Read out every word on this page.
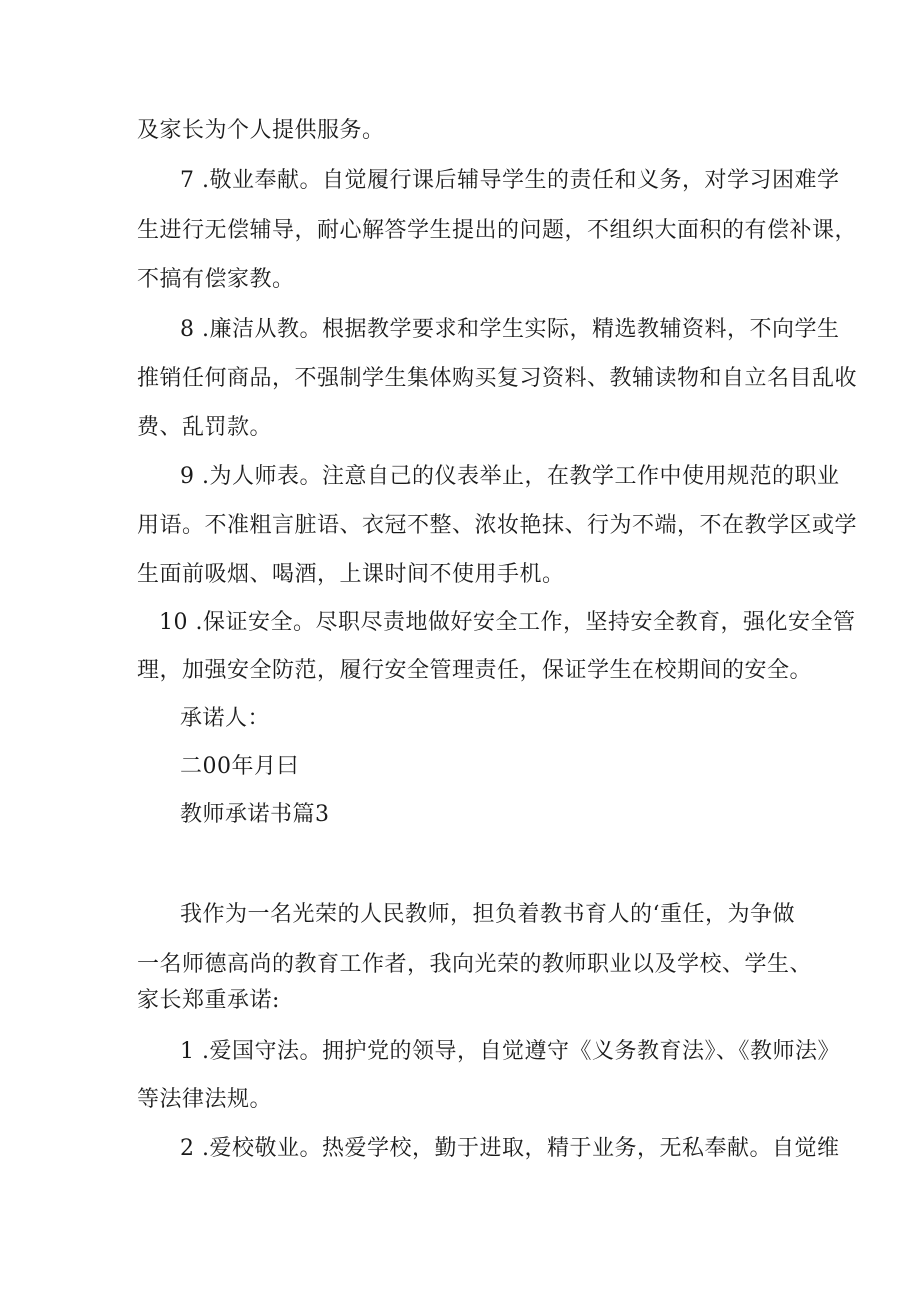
及家长为个人提供服务。
7 .敬业奉献。自觉履行课后辅导学生的责任和义务，对学习困难学
生进行无偿辅导，耐心解答学生提出的问题，不组织大面积的有偿补课，
不搞有偿家教。
8 .廉洁从教。根据教学要求和学生实际，精选教辅资料，不向学生
推销任何商品，不强制学生集体购买复习资料、教辅读物和自立名目乱收
费、乱罚款。
9 .为人师表。注意自己的仪表举止，在教学工作中使用规范的职业
用语。不准粗言脏语、衣冠不整、浓妆艳抹、行为不端，不在教学区或学
生面前吸烟、喝酒，上课时间不使用手机。
10 .保证安全。尽职尽责地做好安全工作，坚持安全教育，强化安全管
理，加强安全防范，履行安全管理责任，保证学生在校期间的安全。
承诺人：
二00年月曰
教师承诺书篇3
我作为一名光荣的人民教师，担负着教书育人的‘重任，为争做
一名师德高尚的教育工作者，我向光荣的教师职业以及学校、学生、
家长郑重承诺:
1 .爱国守法。拥护党的领导，自觉遵守《义务教育法》、《教师法》
等法律法规。
2 .爱校敬业。热爱学校，勤于进取，精于业务，无私奉献。自觉维
